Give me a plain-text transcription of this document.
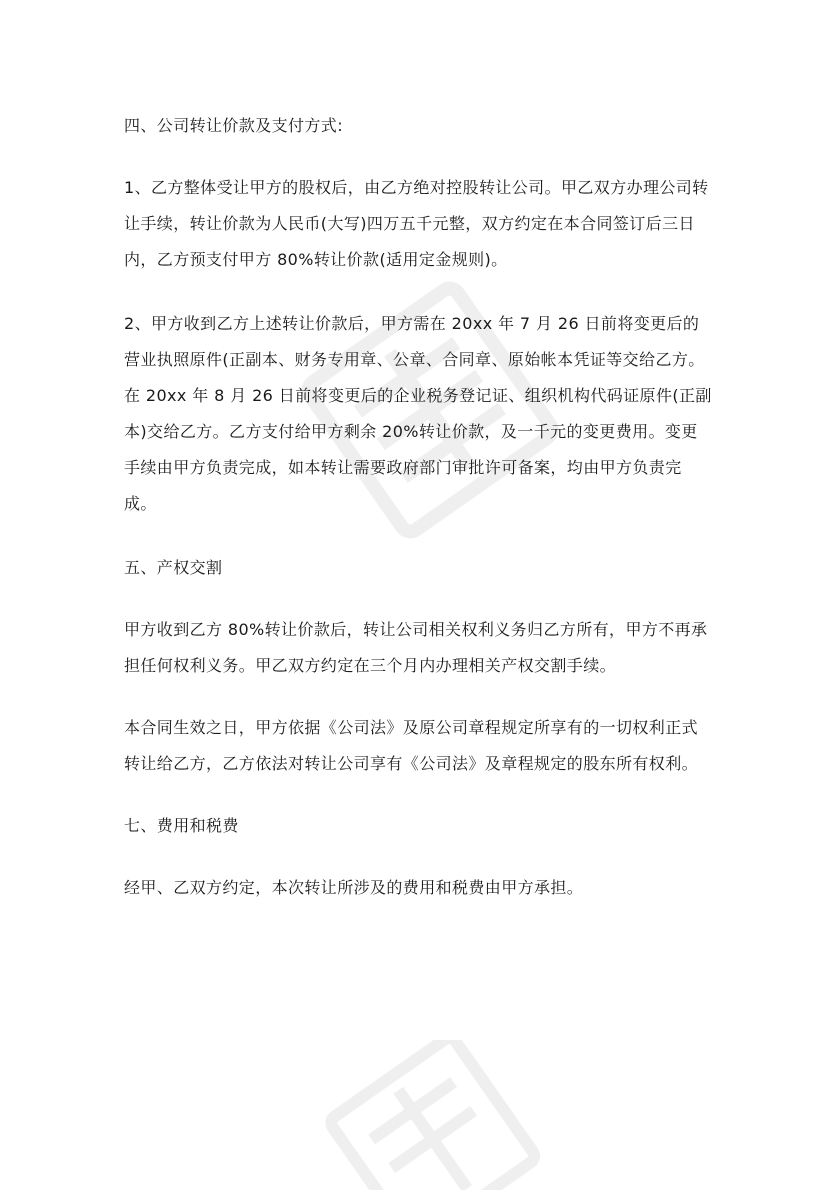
四、公司转让价款及支付方式:

1、乙方整体受让甲方的股权后，由乙方绝对控股转让公司。甲乙双方办理公司转让手续，转让价款为人民币(大写)四万五千元整，双方约定在本合同签订后三日内，乙方预支付甲方 80%转让价款(适用定金规则)。

2、甲方收到乙方上述转让价款后，甲方需在 20xx 年 7 月 26 日前将变更后的营业执照原件(正副本、财务专用章、公章、合同章、原始帐本凭证等交给乙方。在 20xx 年 8 月 26 日前将变更后的企业税务登记证、组织机构代码证原件(正副本)交给乙方。乙方支付给甲方剩余 20%转让价款，及一千元的变更费用。变更手续由甲方负责完成，如本转让需要政府部门审批许可备案，均由甲方负责完成。

五、产权交割

甲方收到乙方 80%转让价款后，转让公司相关权利义务归乙方所有，甲方不再承担任何权利义务。甲乙双方约定在三个月内办理相关产权交割手续。

本合同生效之日，甲方依据《公司法》及原公司章程规定所享有的一切权利正式转让给乙方，乙方依法对转让公司享有《公司法》及章程规定的股东所有权利。

七、费用和税费

经甲、乙双方约定，本次转让所涉及的费用和税费由甲方承担。
